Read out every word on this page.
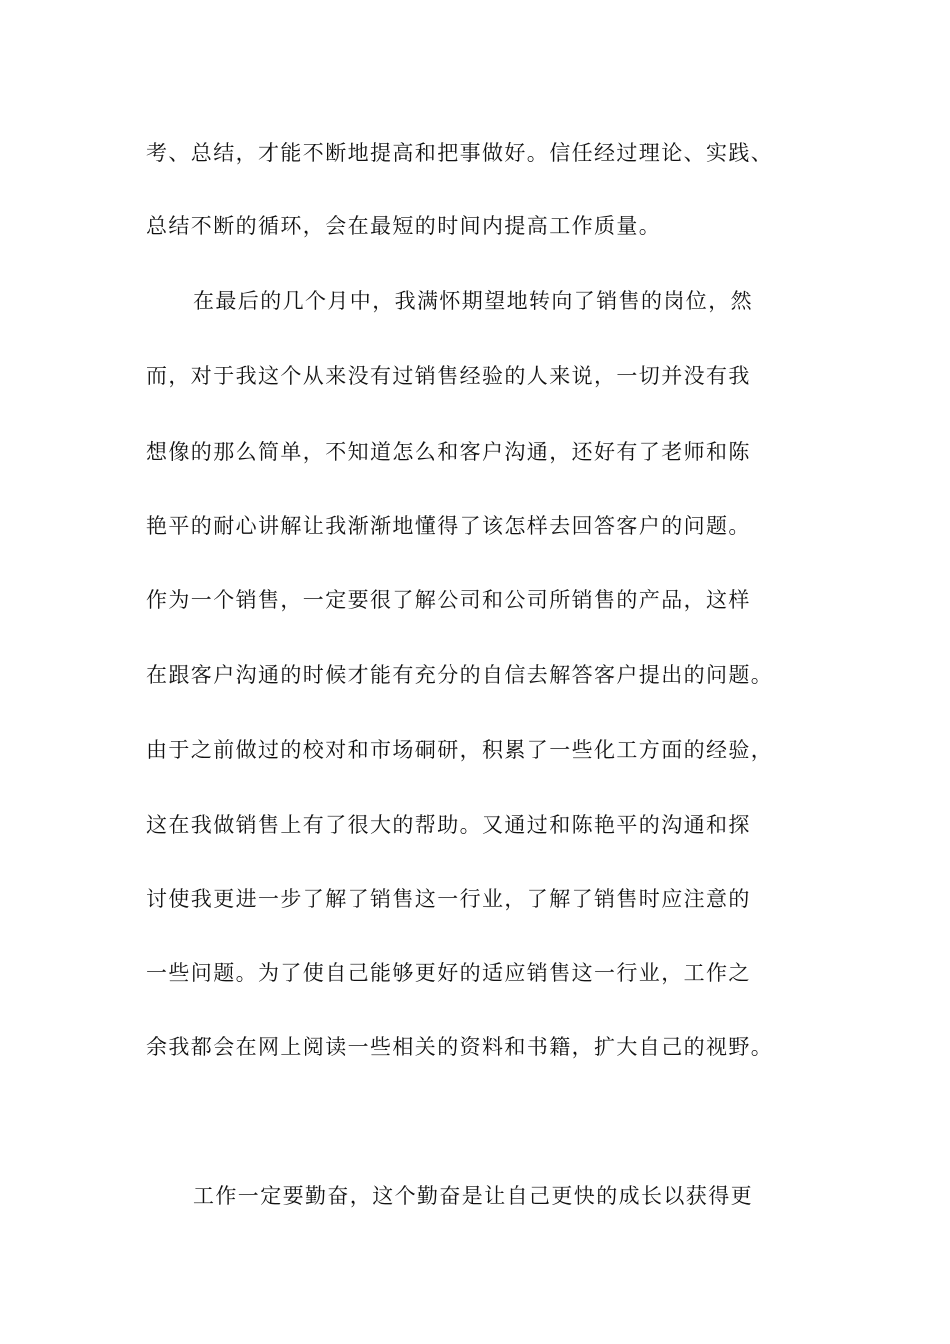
考、总结，才能不断地提高和把事做好。信任经过理论、实践、
总结不断的循环，会在最短的时间内提高工作质量。
在最后的几个月中，我满怀期望地转向了销售的岗位，然
而，对于我这个从来没有过销售经验的人来说，一切并没有我
想像的那么简单，不知道怎么和客户沟通，还好有了老师和陈
艳平的耐心讲解让我渐渐地懂得了该怎样去回答客户的问题。
作为一个销售，一定要很了解公司和公司所销售的产品，这样
在跟客户沟通的时候才能有充分的自信去解答客户提出的问题。
由于之前做过的校对和市场硐研，积累了一些化工方面的经验，
这在我做销售上有了很大的帮助。又通过和陈艳平的沟通和探
讨使我更进一步了解了销售这一行业，了解了销售时应注意的
一些问题。为了使自己能够更好的适应销售这一行业，工作之
余我都会在网上阅读一些相关的资料和书籍，扩大自己的视野。
工作一定要勤奋，这个勤奋是让自己更快的成长以获得更
